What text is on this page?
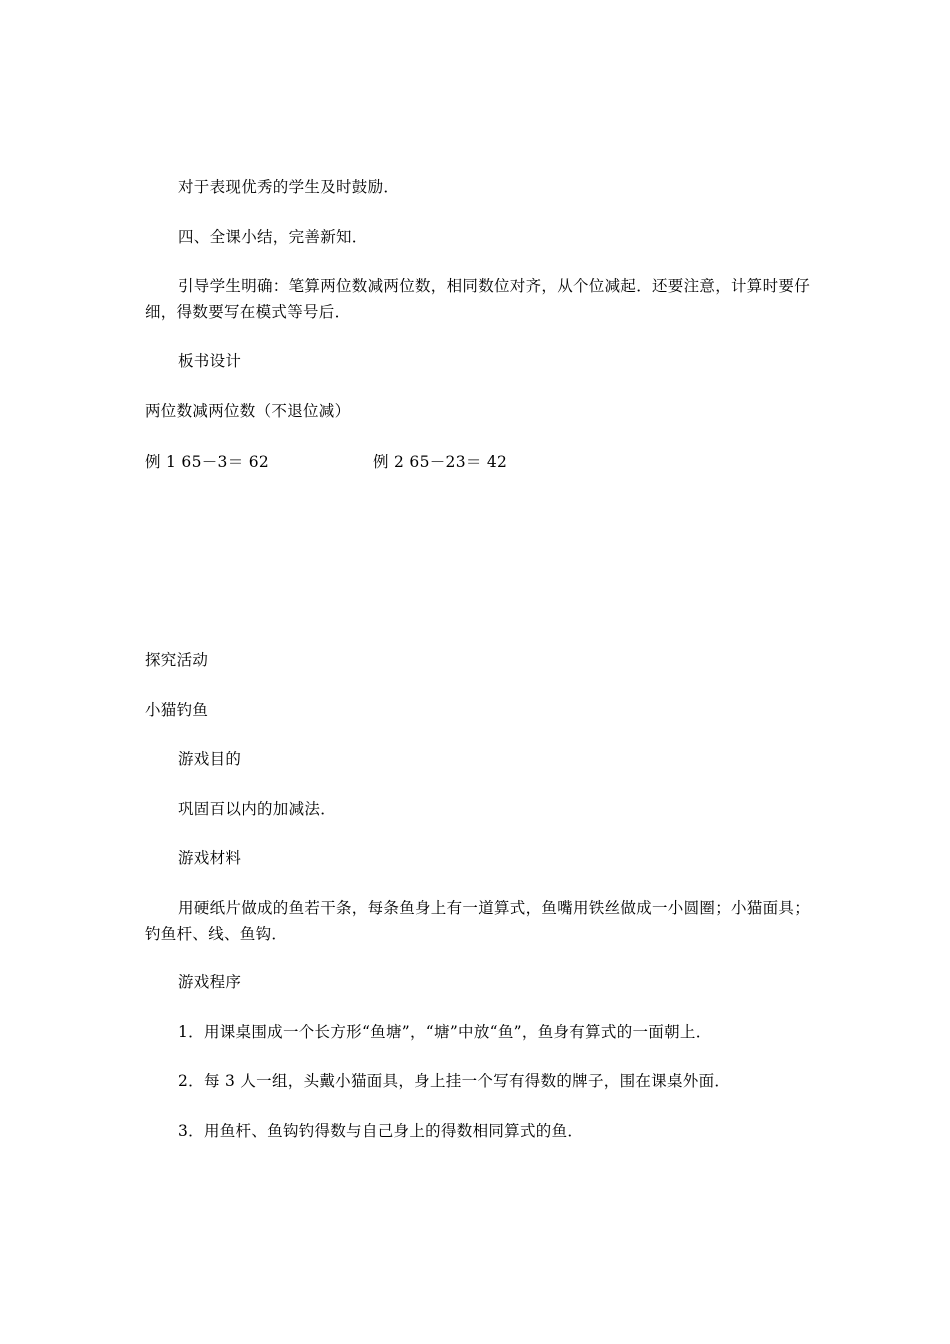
对于表现优秀的学生及时鼓励．
四、全课小结，完善新知．
引导学生明确：笔算两位数减两位数，相同数位对齐，从个位减起．还要注意，计算时要仔细，得数要写在模式等号后．
板书设计
两位数减两位数（不退位减）
例 1 65－3＝ 62	例 2 65－23＝ 42
探究活动
小猫钓鱼
游戏目的
巩固百以内的加减法．
游戏材料
用硬纸片做成的鱼若干条，每条鱼身上有一道算式，鱼嘴用铁丝做成一小圆圈；小猫面具；钓鱼杆、线、鱼钩．
游戏程序
1．用课桌围成一个长方形“鱼塘”，“塘”中放“鱼”，鱼身有算式的一面朝上．
2．每 3 人一组，头戴小猫面具，身上挂一个写有得数的牌子，围在课桌外面．
3．用鱼杆、鱼钩钓得数与自己身上的得数相同算式的鱼．
